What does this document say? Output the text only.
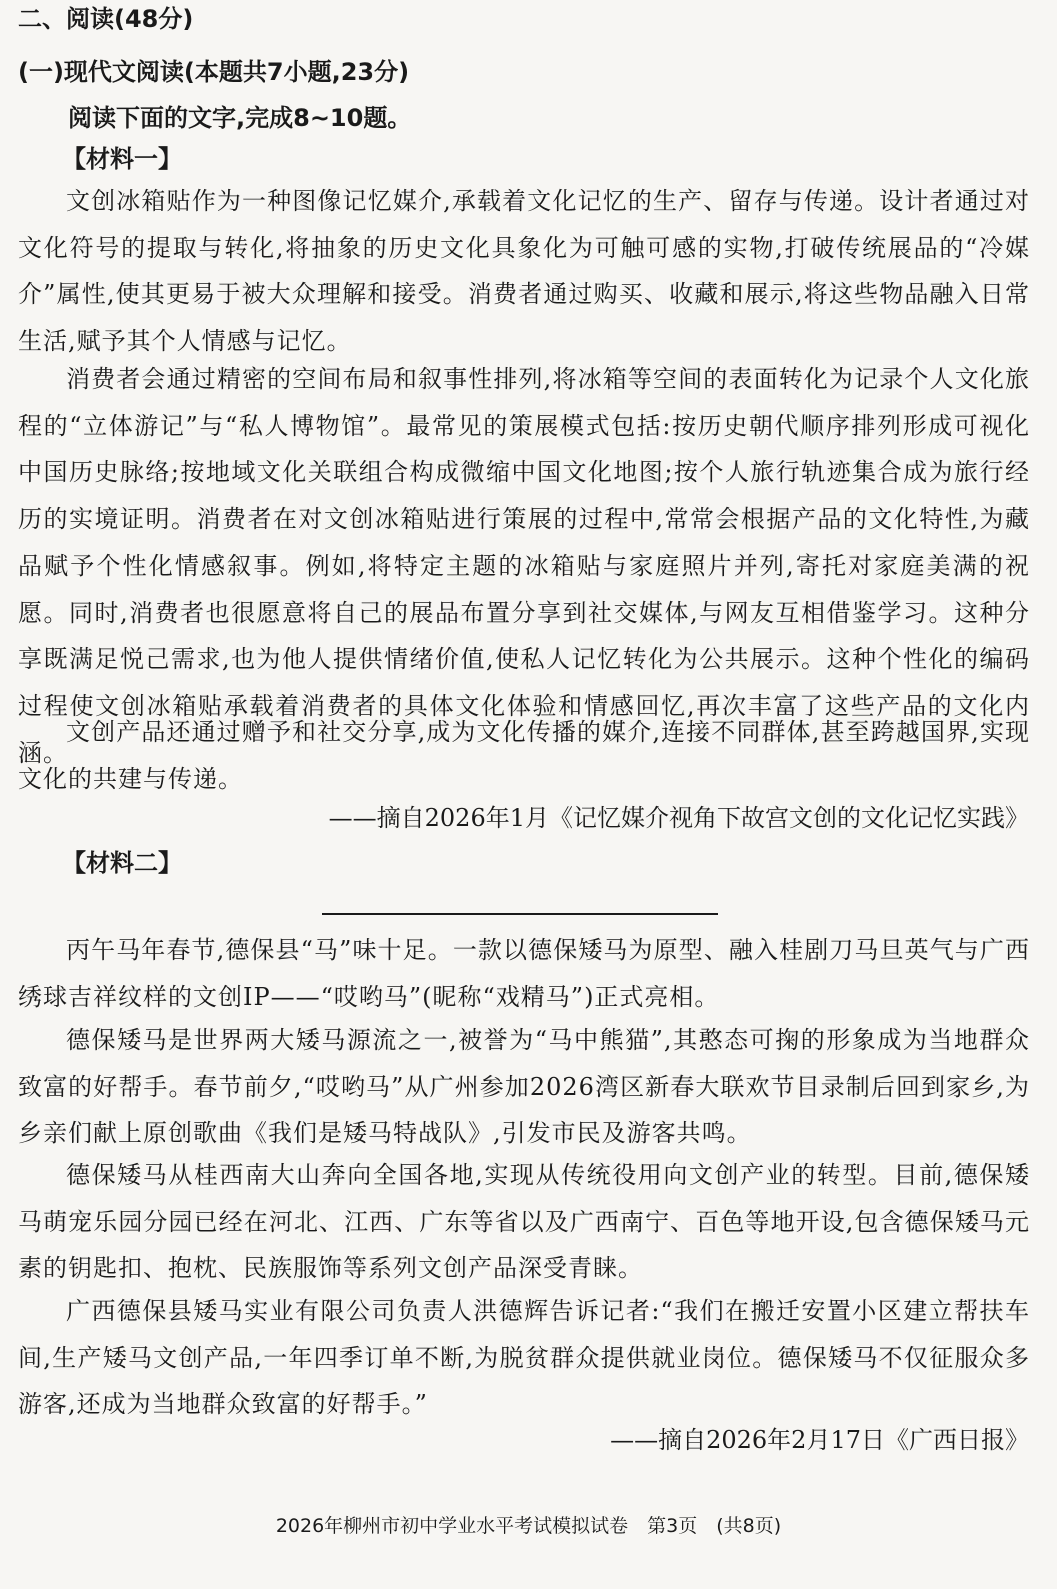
二、阅读(48分)
(一)现代文阅读(本题共7小题,23分)
阅读下面的文字,完成8~10题。
【材料一】
文创冰箱贴作为一种图像记忆媒介,承载着文化记忆的生产、留存与传递。设计者通过对文化符号的提取与转化,将抽象的历史文化具象化为可触可感的实物,打破传统展品的“冷媒介”属性,使其更易于被大众理解和接受。消费者通过购买、收藏和展示,将这些物品融入日常生活,赋予其个人情感与记忆。
消费者会通过精密的空间布局和叙事性排列,将冰箱等空间的表面转化为记录个人文化旅程的“立体游记”与“私人博物馆”。最常见的策展模式包括:按历史朝代顺序排列形成可视化中国历史脉络;按地域文化关联组合构成微缩中国文化地图;按个人旅行轨迹集合成为旅行经历的实境证明。消费者在对文创冰箱贴进行策展的过程中,常常会根据产品的文化特性,为藏品赋予个性化情感叙事。例如,将特定主题的冰箱贴与家庭照片并列,寄托对家庭美满的祝愿。同时,消费者也很愿意将自己的展品布置分享到社交媒体,与网友互相借鉴学习。这种分享既满足悦己需求,也为他人提供情绪价值,使私人记忆转化为公共展示。这种个性化的编码过程使文创冰箱贴承载着消费者的具体文化体验和情感回忆,再次丰富了这些产品的文化内涵。
文创产品还通过赠予和社交分享,成为文化传播的媒介,连接不同群体,甚至跨越国界,实现文化的共建与传递。
——摘自2026年1月《记忆媒介视角下故宫文创的文化记忆实践》
【材料二】
丙午马年春节,德保县“马”味十足。一款以德保矮马为原型、融入桂剧刀马旦英气与广西绣球吉祥纹样的文创IP——“哎哟马”(昵称“戏精马”)正式亮相。
德保矮马是世界两大矮马源流之一,被誉为“马中熊猫”,其憨态可掬的形象成为当地群众致富的好帮手。春节前夕,“哎哟马”从广州参加2026湾区新春大联欢节目录制后回到家乡,为乡亲们献上原创歌曲《我们是矮马特战队》,引发市民及游客共鸣。
德保矮马从桂西南大山奔向全国各地,实现从传统役用向文创产业的转型。目前,德保矮马萌宠乐园分园已经在河北、江西、广东等省以及广西南宁、百色等地开设,包含德保矮马元素的钥匙扣、抱枕、民族服饰等系列文创产品深受青睐。
广西德保县矮马实业有限公司负责人洪德辉告诉记者:“我们在搬迁安置小区建立帮扶车间,生产矮马文创产品,一年四季订单不断,为脱贫群众提供就业岗位。德保矮马不仅征服众多游客,还成为当地群众致富的好帮手。”
——摘自2026年2月17日《广西日报》
2026年柳州市初中学业水平考试模拟试卷　第3页　(共8页)
